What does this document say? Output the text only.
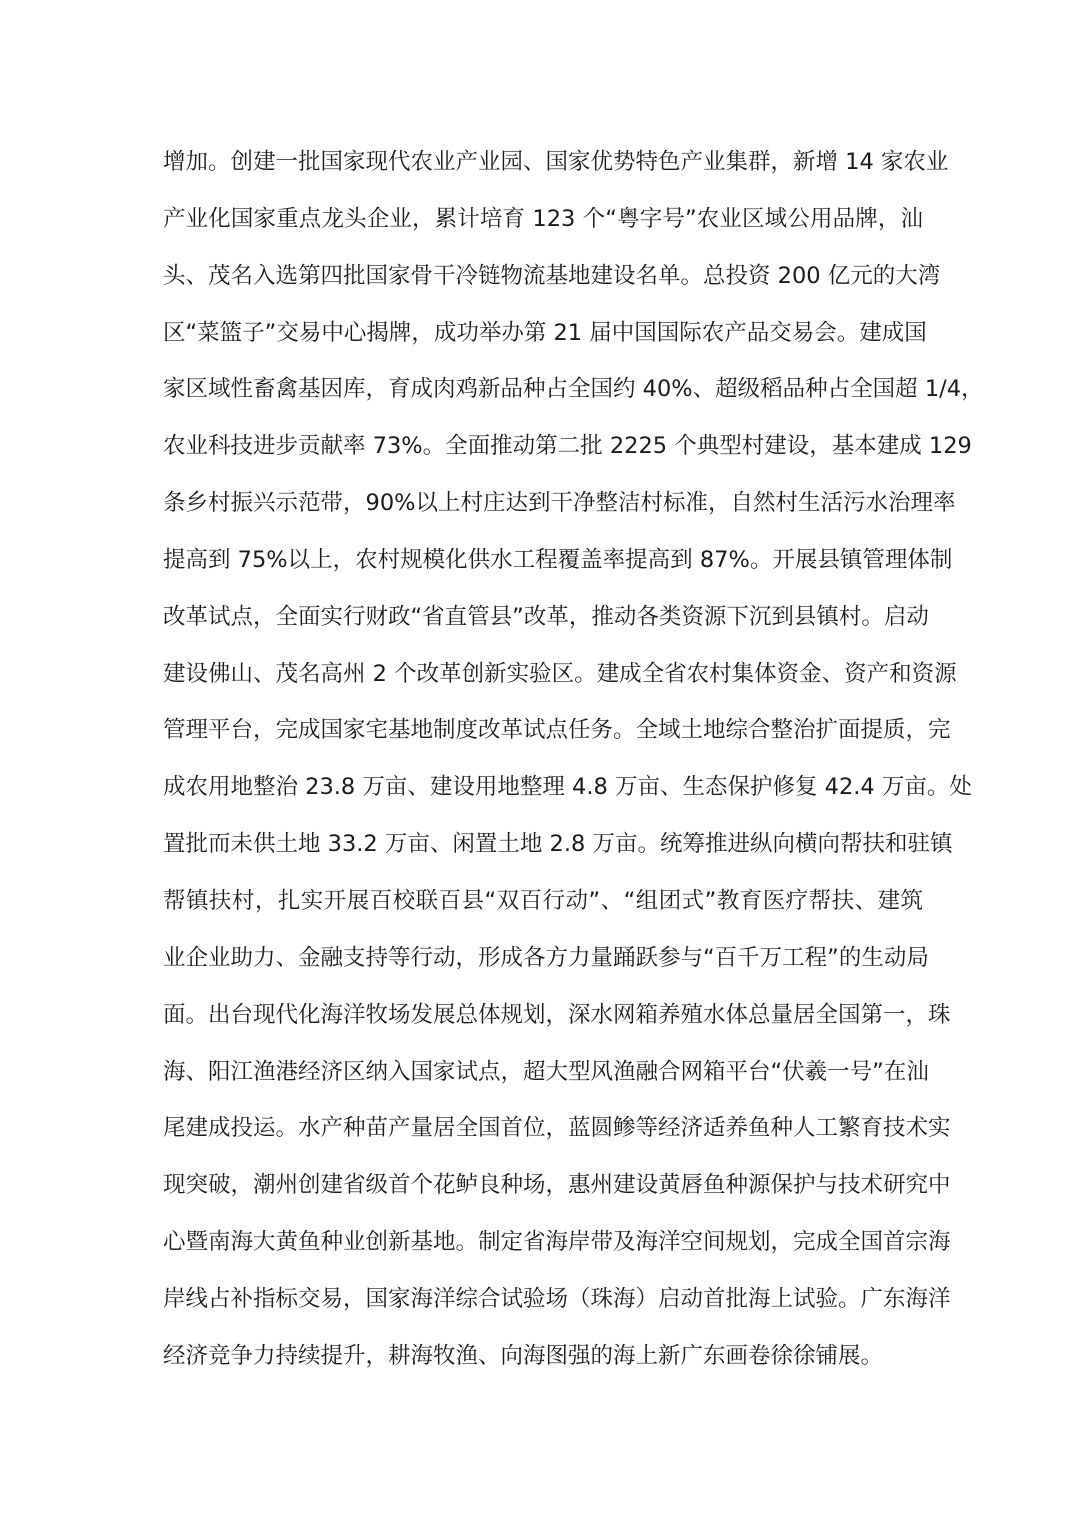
增加。创建一批国家现代农业产业园、国家优势特色产业集群，新增 14 家农业
产业化国家重点龙头企业，累计培育 123 个“粤字号”农业区域公用品牌，汕
头、茂名入选第四批国家骨干冷链物流基地建设名单。总投资 200 亿元的大湾
区“菜篮子”交易中心揭牌，成功举办第 21 届中国国际农产品交易会。建成国
家区域性畜禽基因库，育成肉鸡新品种占全国约 40%、超级稻品种占全国超 1/4，
农业科技进步贡献率 73%。全面推动第二批 2225 个典型村建设，基本建成 129
条乡村振兴示范带，90%以上村庄达到干净整洁村标准，自然村生活污水治理率
提高到 75%以上，农村规模化供水工程覆盖率提高到 87%。开展县镇管理体制
改革试点，全面实行财政“省直管县”改革，推动各类资源下沉到县镇村。启动
建设佛山、茂名高州 2 个改革创新实验区。建成全省农村集体资金、资产和资源
管理平台，完成国家宅基地制度改革试点任务。全域土地综合整治扩面提质，完
成农用地整治 23.8 万亩、建设用地整理 4.8 万亩、生态保护修复 42.4 万亩。处
置批而未供土地 33.2 万亩、闲置土地 2.8 万亩。统筹推进纵向横向帮扶和驻镇
帮镇扶村，扎实开展百校联百县“双百行动”、“组团式”教育医疗帮扶、建筑
业企业助力、金融支持等行动，形成各方力量踊跃参与“百千万工程”的生动局
面。出台现代化海洋牧场发展总体规划，深水网箱养殖水体总量居全国第一，珠
海、阳江渔港经济区纳入国家试点，超大型风渔融合网箱平台“伏羲一号”在汕
尾建成投运。水产种苗产量居全国首位，蓝圆鲹等经济适养鱼种人工繁育技术实
现突破，潮州创建省级首个花鲈良种场，惠州建设黄唇鱼种源保护与技术研究中
心暨南海大黄鱼种业创新基地。制定省海岸带及海洋空间规划，完成全国首宗海
岸线占补指标交易，国家海洋综合试验场（珠海）启动首批海上试验。广东海洋
经济竞争力持续提升，耕海牧渔、向海图强的海上新广东画卷徐徐铺展。
